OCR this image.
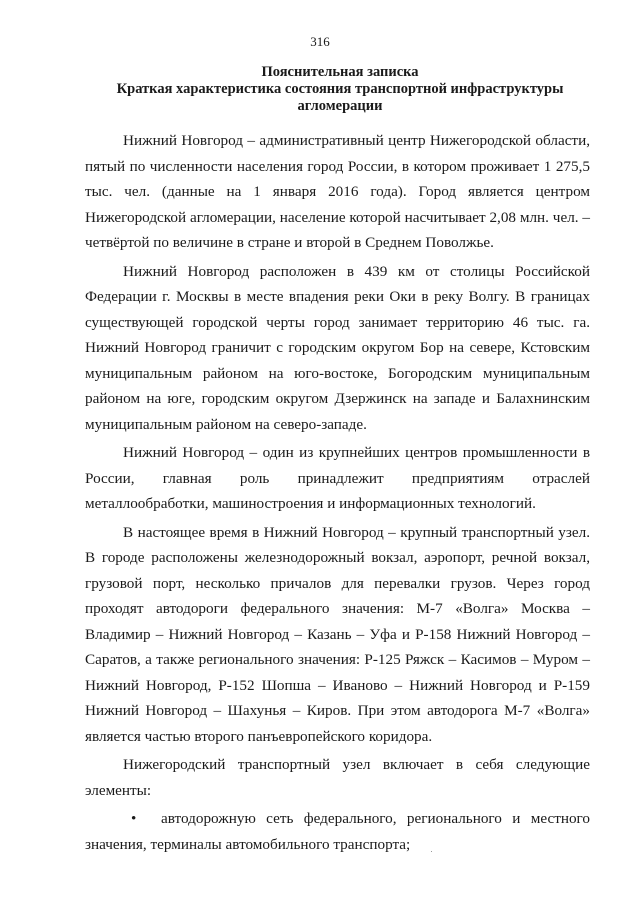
316
Пояснительная записка
Краткая характеристика состояния транспортной инфраструктуры
агломерации

Нижний Новгород – административный центр Нижегородской области, пятый по численности населения город России, в котором проживает 1 275,5 тыс. чел. (данные на 1 января 2016 года). Город является центром Нижегородской агломерации, население которой насчитывает 2,08 млн. чел. – четвёртой по величине в стране и второй в Среднем Поволжье.

Нижний Новгород расположен в 439 км от столицы Российской Федерации г. Москвы в месте впадения реки Оки в реку Волгу. В границах существующей городской черты город занимает территорию 46 тыс. га. Нижний Новгород граничит с городским округом Бор на севере, Кстовским муниципальным районом на юго-востоке, Богородским муниципальным районом на юге, городским округом Дзержинск на западе и Балахнинским муниципальным районом на северо-западе.

Нижний Новгород – один из крупнейших центров промышленности в России, главная роль принадлежит предприятиям отраслей металлообработки, машиностроения и информационных технологий.

В настоящее время в Нижний Новгород – крупный транспортный узел. В городе расположены железнодорожный вокзал, аэропорт, речной вокзал, грузовой порт, несколько причалов для перевалки грузов. Через город проходят автодороги федерального значения: М-7 «Волга» Москва – Владимир – Нижний Новгород – Казань – Уфа и Р-158 Нижний Новгород – Саратов, а также регионального значения: Р-125 Ряжск – Касимов – Муром – Нижний Новгород, Р-152 Шопша – Иваново – Нижний Новгород и Р-159 Нижний Новгород – Шахунья – Киров. При этом автодорога М-7 «Волга» является частью второго панъевропейского коридора.

Нижегородский транспортный узел включает в себя следующие элементы:

• автодорожную сеть федерального, регионального и местного значения, терминалы автомобильного транспорта;
